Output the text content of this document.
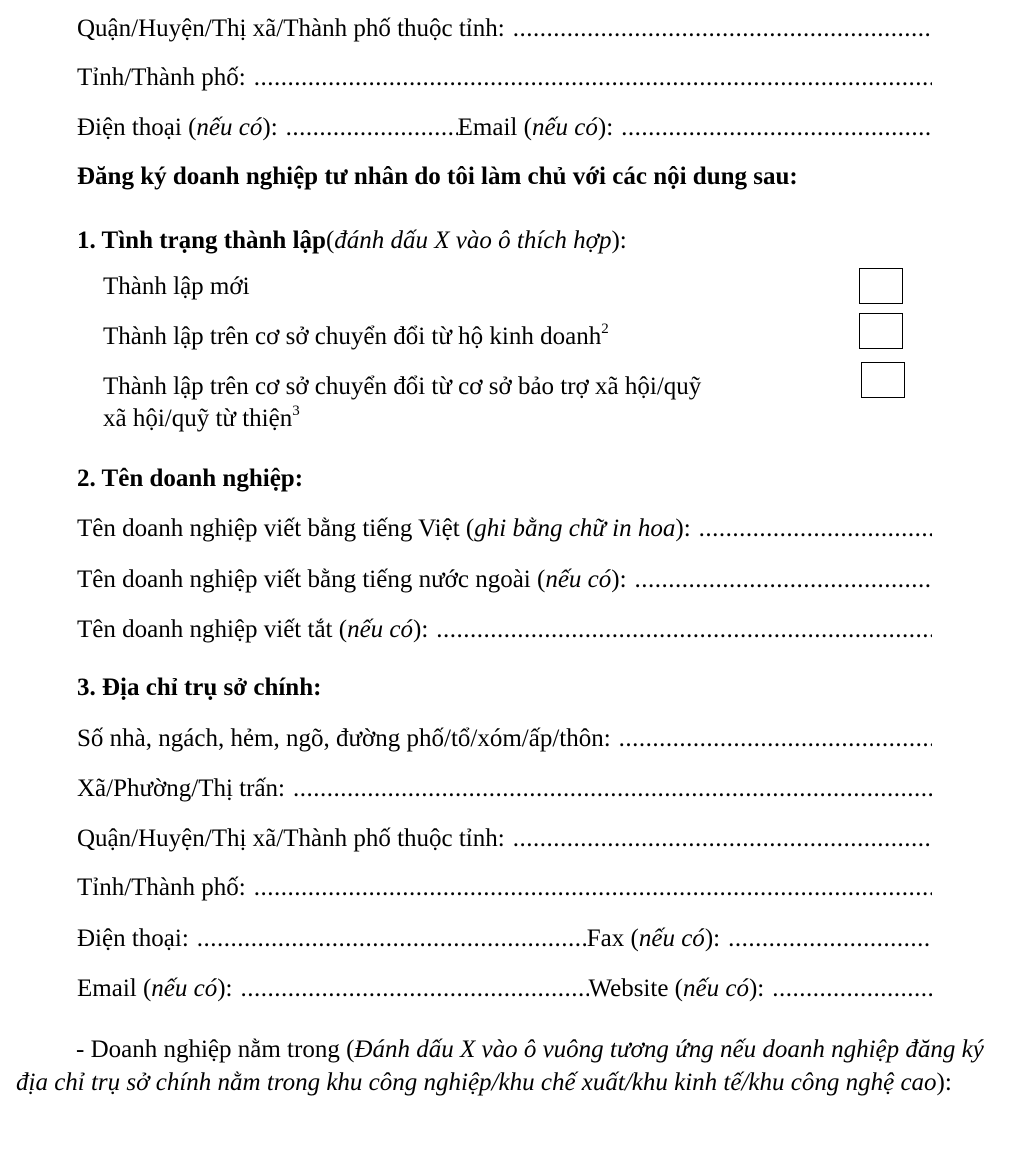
Quận/Huyện/Thị xã/Thành phố thuộc tỉnh:
.....
Tỉnh/Thành phố:
.....
Điện thoại (nếu có): .....	Email (nếu có):
.....
Đăng ký doanh nghiệp tư nhân do tôi làm chủ với các nội dung sau:
1. Tình trạng thành lập ( đánh dấu X vào ô thích hợp ):
Thành lập mới
Thành lập trên cơ sở chuyển đổi từ hộ kinh doanh$^2$
Thành lập trên cơ sở chuyển đổi từ cơ sở bảo trợ xã hội/quỹ
xã hội/quỹ từ thiện$^3$
2. Tên doanh nghiệp:
Tên doanh nghiệp viết bằng tiếng Việt (ghi bằng chữ in hoa):
.....
Tên doanh nghiệp viết bằng tiếng nước ngoài (nếu có):
.....
Tên doanh nghiệp viết tắt (nếu có):
.....
3. Địa chỉ trụ sở chính:
Số nhà, ngách, hẻm, ngõ, đường phố/tổ/xóm/ấp/thôn:
.....
Xã/Phường/Thị trấn:
.....
Quận/Huyện/Thị xã/Thành phố thuộc tỉnh:
.....
Tỉnh/Thành phố:
.....
Điện thoại: .....	Fax (nếu có):
.....
Email (nếu có): .....	Website (nếu có):
.....
- Doanh nghiệp nằm trong (Đánh dấu X vào ô vuông tương ứng nếu doanh nghiệp đăng ký địa chỉ trụ sở chính nằm trong khu công nghiệp/khu chế xuất/khu kinh tế/khu công nghệ cao):
